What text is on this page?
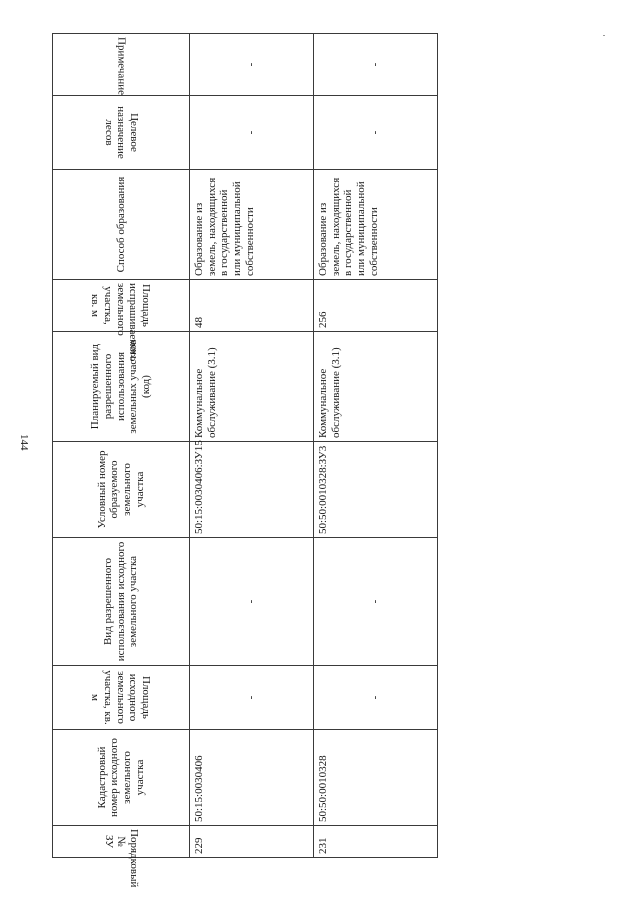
144
Порядковый № ЗУ	Кадастровый номер исходного земельного участка	Площадь исходного земельного участка, кв. м	Вид разрешенного использования исходного земельного участка	Условный номер образуемого земельного участка	Планируемый вид разрешенного использования земельных участков (код)	Площадь испрашиваемого земельного участка, кв. м	Способ образования	Целевое назначение лесов	Примечание

229	50:15:0030406	-	-	50:15:0030406:ЗУ15	Коммунальное обслуживание (3.1)	48	Образование из земель, находящихся в государственной или муниципальной собственности	-	-
231	50:50:0010328	-	-	50:50:0010328:ЗУ3	Коммунальное обслуживание (3.1)	256	Образование из земель, находящихся в государственной или муниципальной собственности	-	-
